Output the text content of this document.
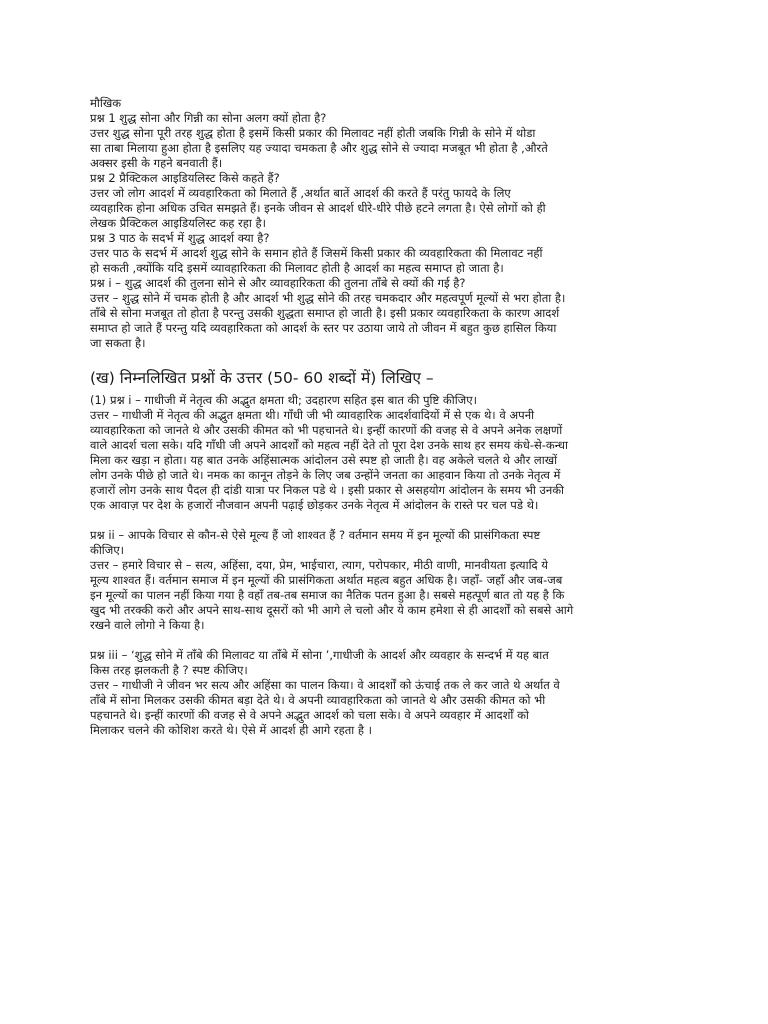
मौखिक

प्रश्न 1 शुद्ध सोना और गिन्नी का सोना अलग क्यों होता है?

उत्तर शुद्ध सोना पूरी तरह शुद्ध होता है इसमें किसी प्रकार की मिलावट नहीं होती जबकि गिन्नी के सोने में थोडा

सा ताबा मिलाया हुआ होता है इसलिए यह ज्यादा चमकता है और शुद्ध सोने से ज्यादा मजबूत भी होता है ,औरते

अक्सर इसी के गहने बनवाती हैं।

प्रश्न 2 प्रैक्टिकल आइडियलिस्ट किसे कहते हैं?

उत्तर जो लोग आदर्श में व्यवहारिकता को मिलाते हैं ,अर्थात बातें आदर्श की करते हैं परंतु फायदे के लिए

व्यवहारिक होना अधिक उचित समझते हैं। इनके जीवन से आदर्श धीरे-धीरे पीछे हटने लगता है। ऐसे लोगों को ही

लेखक प्रैक्टिकल आइडियलिस्ट कह रहा है।

प्रश्न 3 पाठ के सदर्भ में शुद्ध आदर्श क्या है?

उत्तर पाठ के सदर्भ में आदर्श शुद्ध सोने के समान होते हैं जिसमें किसी प्रकार की व्यवहारिकता की मिलावट नहीं

हो सकती ,क्योंकि यदि इसमें व्यावहारिकता की मिलावट होती है आदर्श का महत्व समाप्त हो जाता है।

प्रश्न i – शुद्ध आदर्श की तुलना सोने से और व्यावहारिकता की तुलना ताँबे से क्यों की गई है?

उत्तर – शुद्ध सोने में चमक होती है और आदर्श भी शुद्ध सोने की तरह चमकदार और महत्वपूर्ण मूल्यों से भरा होता है।

ताँबे से सोना मजबूत तो होता है परन्तु उसकी शुद्धता समाप्त हो जाती है। इसी प्रकार व्यवहारिकता के कारण आदर्श

समाप्त हो जाते हैं परन्तु यदि व्यवहारिकता को आदर्श के स्तर पर उठाया जाये तो जीवन में बहुत कुछ हासिल किया

जा सकता है।

(ख) निम्नलिखित प्रश्नों के उत्तर (50- 60 शब्दों में) लिखिए –

(1) प्रश्न i – गाधीजी में नेतृत्व की अद्भुत क्षमता थी; उदहारण सहित इस बात की पुष्टि कीजिए।

उत्तर – गाधीजी में नेतृत्व की अद्भुत क्षमता थी। गाँधी जी भी व्यावहारिक आदर्शवादियों में से एक थे। वे अपनी

व्यावहारिकता को जानते थे और उसकी कीमत को भी पहचानते थे। इन्हीं कारणों की वजह से वे अपने अनेक लक्षणों

वाले आदर्श चला सके। यदि गाँधी जी अपने आदर्शों को महत्व नहीं देते तो पूरा देश उनके साथ हर समय कंधे-से-कन्धा

मिला कर खड़ा न होता। यह बात उनके अहिंसात्मक आंदोलन उसे स्पष्ट हो जाती है। वह अकेले चलते थे और लाखों

लोग उनके पीछे हो जाते थे। नमक का कानून तोड़ने के लिए जब उन्होंने जनता का आहवान किया तो उनके नेतृत्व में

हजारों लोग उनके साथ पैदल ही दांडी यात्रा पर निकल पडे थे । इसी प्रकार से असहयोग आंदोलन के समय भी उनकी

एक आवाज़ पर देश के हजारों नौजवान अपनी पढ़ाई छोड़कर उनके नेतृत्व में आंदोलन के रास्ते पर चल पडे थे।

प्रश्न ii – आपके विचार से कौन-से ऐसे मूल्य हैं जो शाश्वत हैं ? वर्तमान समय में इन मूल्यों की प्रासंगिकता स्पष्ट

कीजिए।

उत्तर – हमारे विचार से – सत्य, अहिंसा, दया, प्रेम, भाईचारा, त्याग, परोपकार, मीठी वाणी, मानवीयता इत्यादि ये

मूल्य शाश्वत हैं। वर्तमान समाज में इन मूल्यों की प्रासंगिकता अर्थात महत्व बहुत अधिक है। जहाँ- जहाँ और जब-जब

इन मूल्यों का पालन नहीं किया गया है वहाँ तब-तब समाज का नैतिक पतन हुआ है। सबसे महत्पूर्ण बात तो यह है कि

खुद भी तरक्की करो और अपने साथ-साथ दूसरों को भी आगे ले चलो और ये काम हमेशा से ही आदर्शों को सबसे आगे

रखने वाले लोगो ने किया है।

प्रश्न iii – ‘शुद्ध सोने में ताँबे की मिलावट या ताँबे में सोना ’,गाधीजी के आदर्श और व्यवहार के सन्दर्भ में यह बात

किस तरह झलकती है ? स्पष्ट कीजिए।

उत्तर – गाधीजी ने जीवन भर सत्य और अहिंसा का पालन किया। वे आदर्शों को ऊंचाई तक ले कर जाते थे अर्थात वे

ताँबे में सोना मिलकर उसकी कीमत बड़ा देते थे। वे अपनी व्यावहारिकता को जानते थे और उसकी कीमत को भी

पहचानते थे। इन्हीं कारणों की वजह से वे अपने अद्भुत आदर्श को चला सके। वे अपने व्यवहार में आदर्शों को

मिलाकर चलने की कोशिश करते थे। ऐसे में आदर्श ही आगे रहता है ।
